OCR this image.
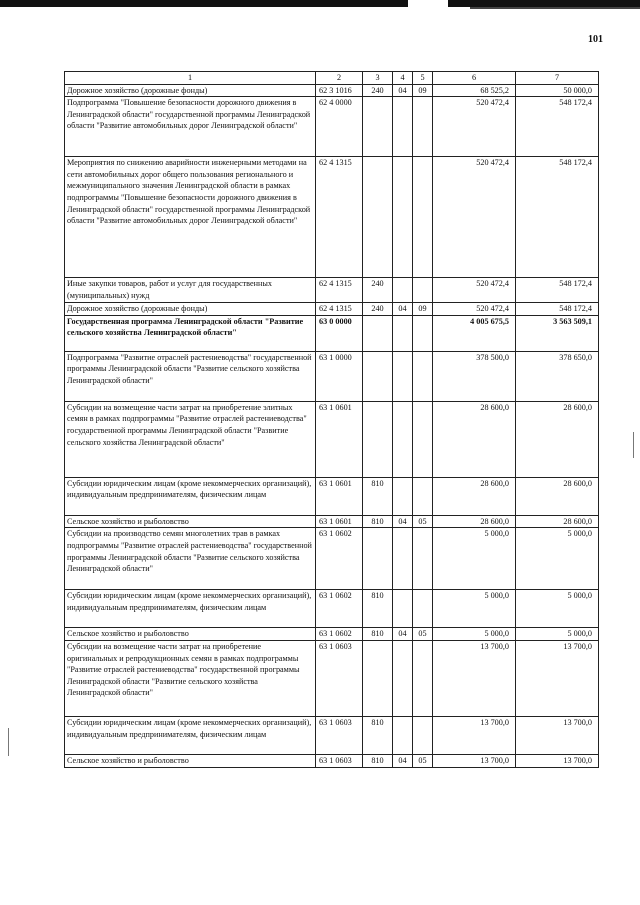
101
1	2	3	4	5	6	7
Дорожное хозяйство (дорожные фонды)	62 3 1016	240	04	09	68 525,2	50 000,0
Подпрограмма "Повышение безопасности дорожного движения в Ленинградской области" государственной программы Ленинградской области "Развитие автомобильных дорог Ленинградской области"	62 4 0000				520 472,4	548 172,4
Мероприятия по снижению аварийности инженерными методами на сети автомобильных дорог общего пользования регионального и межмуниципального значения Ленинградской области в рамках подпрограммы "Повышение безопасности дорожного движения в Ленинградской области" государственной программы Ленинградской области "Развитие автомобильных дорог Ленинградской области"	62 4 1315				520 472,4	548 172,4
Иные закупки товаров, работ и услуг для государственных (муниципальных) нужд	62 4 1315	240			520 472,4	548 172,4
Дорожное хозяйство (дорожные фонды)	62 4 1315	240	04	09	520 472,4	548 172,4
Государственная программа Ленинградской области "Развитие сельского хозяйства Ленинградской области"	63 0 0000				4 005 675,5	3 563 509,1
Подпрограмма "Развитие отраслей растениеводства" государственной программы Ленинградской области "Развитие сельского хозяйства Ленинградской области"	63 1 0000				378 500,0	378 650,0
Субсидии на возмещение части затрат на приобретение элитных семян в рамках подпрограммы "Развитие отраслей растениеводства" государственной программы Ленинградской области "Развитие сельского хозяйства Ленинградской области"	63 1 0601				28 600,0	28 600,0
Субсидии юридическим лицам (кроме некоммерческих организаций), индивидуальным предпринимателям, физическим лицам	63 1 0601	810			28 600,0	28 600,0
Сельское хозяйство и рыболовство	63 1 0601	810	04	05	28 600,0	28 600,0
Субсидии на производство семян многолетних трав в рамках подпрограммы "Развитие отраслей растениеводства" государственной программы Ленинградской области "Развитие сельского хозяйства Ленинградской области"	63 1 0602				5 000,0	5 000,0
Субсидии юридическим лицам (кроме некоммерческих организаций), индивидуальным предпринимателям, физическим лицам	63 1 0602	810			5 000,0	5 000,0
Сельское хозяйство и рыболовство	63 1 0602	810	04	05	5 000,0	5 000,0
Субсидии на возмещение части затрат на приобретение оригинальных и репродукционных семян в рамках подпрограммы "Развитие отраслей растениеводства" государственной программы Ленинградской области "Развитие сельского хозяйства Ленинградской области"	63 1 0603				13 700,0	13 700,0
Субсидии юридическим лицам (кроме некоммерческих организаций), индивидуальным предпринимателям, физическим лицам	63 1 0603	810			13 700,0	13 700,0
Сельское хозяйство и рыболовство	63 1 0603	810	04	05	13 700,0	13 700,0
